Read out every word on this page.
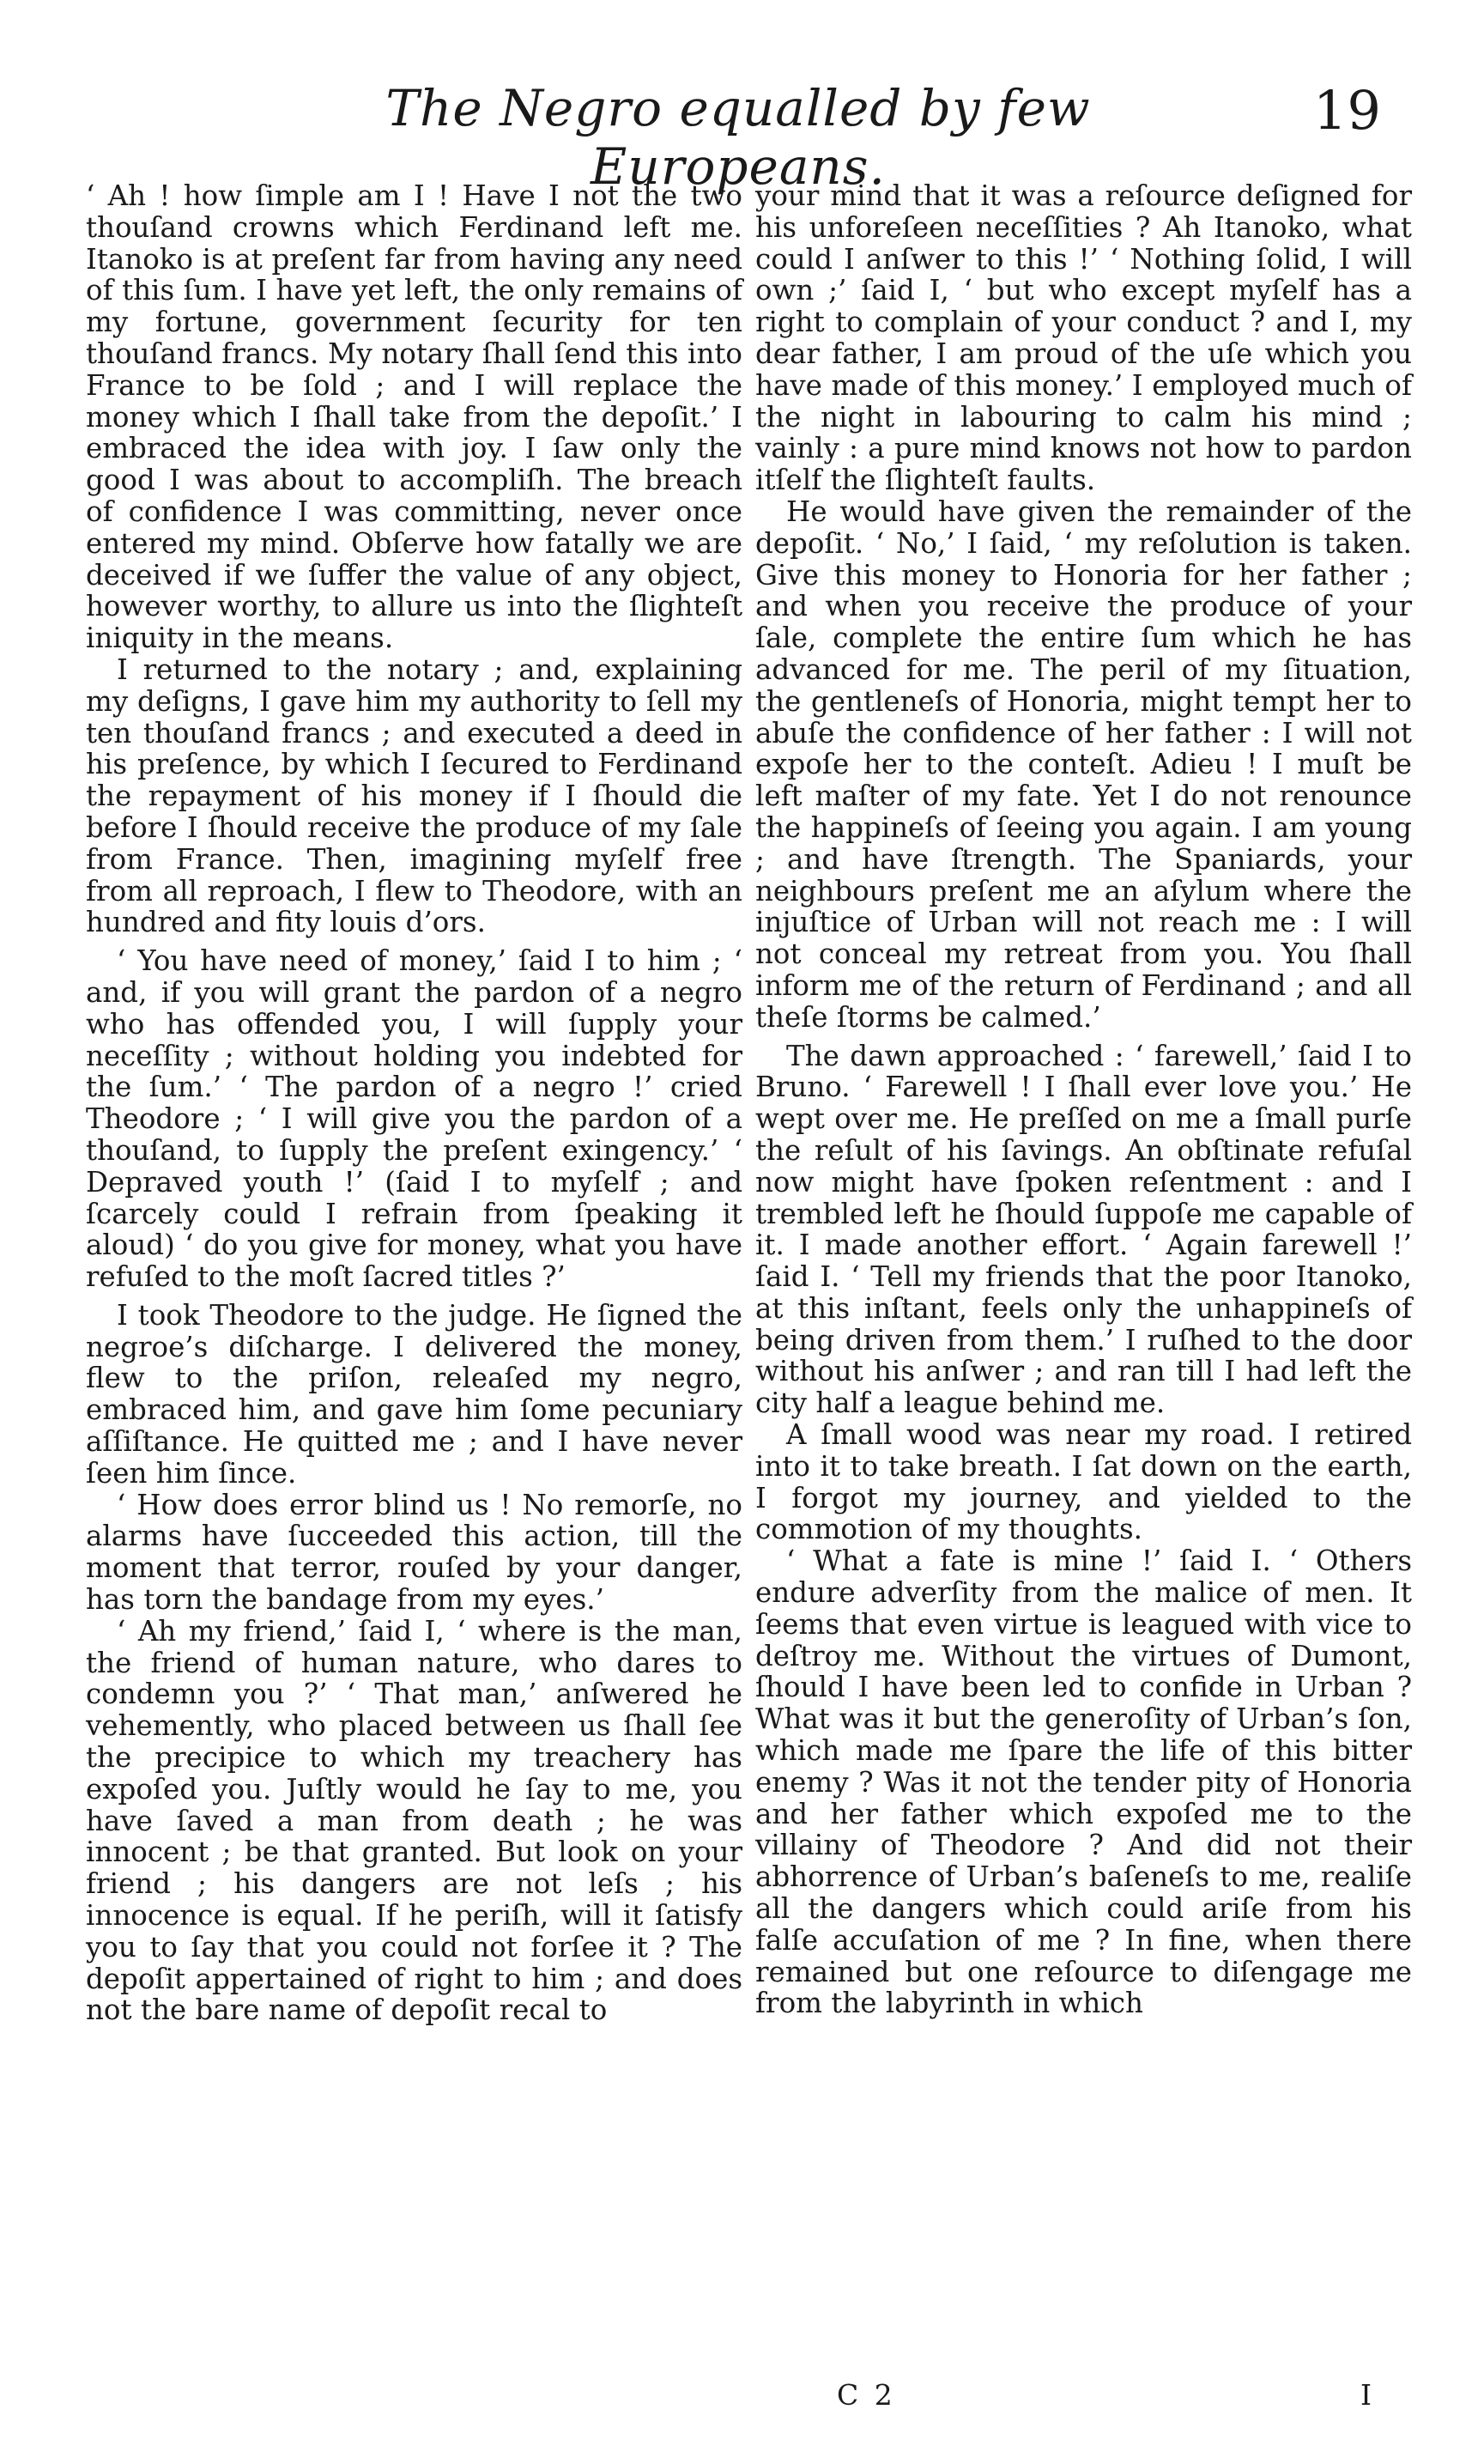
The Negro equalled by few Europeans.
19

‘ Ah ! how ſimple am I ! Have I not the two thouſand crowns which Ferdinand left me. Itanoko is at preſent far from having any need of this ſum. I have yet left, the only remains of my fortune, government ſecurity for ten thouſand francs. My notary ſhall ſend this into France to be ſold ; and I will replace the money which I ſhall take from the depoſit.’ I embraced the idea with joy. I ſaw only the good I was about to accompliſh. The breach of confidence I was committing, never once entered my mind. Obſerve how fatally we are deceived if we ſuffer the value of any object, however worthy, to allure us into the ſlighteſt iniquity in the means.

I returned to the notary ; and, explaining my deſigns, I gave him my authority to ſell my ten thouſand francs ; and executed a deed in his preſence, by which I ſecured to Ferdinand the repayment of his money if I ſhould die before I ſhould receive the produce of my ſale from France. Then, imagining myſelf free from all reproach, I flew to Theodore, with an hundred and fity louis d’ors.

‘ You have need of money,’ ſaid I to him ; ‘ and, if you will grant the pardon of a negro who has offended you, I will ſupply your neceſſity ; without holding you indebted for the ſum.’ ‘ The pardon of a negro !’ cried Theodore ; ‘ I will give you the pardon of a thouſand, to ſupply the preſent exingency.’ ‘ Depraved youth !’ (ſaid I to myſelf ; and ſcarcely could I refrain from ſpeaking it aloud) ‘ do you give for money, what you have refuſed to the moſt ſacred titles ?’

I took Theodore to the judge. He ſigned the negroe’s diſcharge. I delivered the money, flew to the priſon, releaſed my negro, embraced him, and gave him ſome pecuniary aſſiſtance. He quitted me ; and I have never ſeen him ſince.

‘ How does error blind us ! No remorſe, no alarms have ſucceeded this action, till the moment that terror, rouſed by your danger, has torn the bandage from my eyes.’

‘ Ah my friend,’ ſaid I, ‘ where is the man, the friend of human nature, who dares to condemn you ?’ ‘ That man,’ anſwered he vehemently, who placed between us ſhall ſee the precipice to which my treachery has expoſed you. Juſtly would he ſay to me, you have ſaved a man from death ; he was innocent ; be that granted. But look on your friend ; his dangers are not leſs ; his innocence is equal. If he periſh, will it ſatisfy you to ſay that you could not forſee it ? The depoſit appertained of right to him ; and does not the bare name of depoſit recal to

your mind that it was a reſource deſigned for his unforeſeen neceſſities ? Ah Itanoko, what could I anſwer to this !’ ‘ Nothing ſolid, I will own ;’ ſaid I, ‘ but who except myſelf has a right to complain of your conduct ? and I, my dear father, I am proud of the uſe which you have made of this money.’ I employed much of the night in labouring to calm his mind ; vainly : a pure mind knows not how to pardon itſelf the ſlighteſt faults.

He would have given the remainder of the depoſit. ‘ No,’ I ſaid, ‘ my reſolution is taken. Give this money to Honoria for her father ; and when you receive the produce of your ſale, complete the entire ſum which he has advanced for me. The peril of my ſituation, the gentleneſs of Honoria, might tempt her to abuſe the confidence of her father : I will not expoſe her to the conteſt. Adieu ! I muſt be left maſter of my fate. Yet I do not renounce the happineſs of ſeeing you again. I am young ; and have ſtrength. The Spaniards, your neighbours preſent me an aſylum where the injuſtice of Urban will not reach me : I will not conceal my retreat from you. You ſhall inform me of the return of Ferdinand ; and all theſe ſtorms be calmed.’

The dawn approached : ‘ farewell,’ ſaid I to Bruno. ‘ Farewell ! I ſhall ever love you.’ He wept over me. He preſſed on me a ſmall purſe the reſult of his ſavings. An obſtinate refuſal now might have ſpoken reſentment : and I trembled left he ſhould ſuppoſe me capable of it. I made another effort. ‘ Again farewell !’ ſaid I. ‘ Tell my friends that the poor Itanoko, at this inſtant, feels only the unhappineſs of being driven from them.’ I ruſhed to the door without his anſwer ; and ran till I had left the city half a league behind me.

A ſmall wood was near my road. I retired into it to take breath. I ſat down on the earth, I forgot my journey, and yielded to the commotion of my thoughts.

‘ What a fate is mine !’ ſaid I. ‘ Others endure adverſity from the malice of men. It ſeems that even virtue is leagued with vice to deſtroy me. Without the virtues of Dumont, ſhould I have been led to confide in Urban ? What was it but the generoſity of Urban’s ſon, which made me ſpare the life of this bitter enemy ? Was it not the tender pity of Honoria and her father which expoſed me to the villainy of Theodore ? And did not their abhorrence of Urban’s baſeneſs to me, realiſe all the dangers which could ariſe from his falſe accuſation of me ? In fine, when there remained but one reſource to diſengage me from the labyrinth in which

C 2	I
